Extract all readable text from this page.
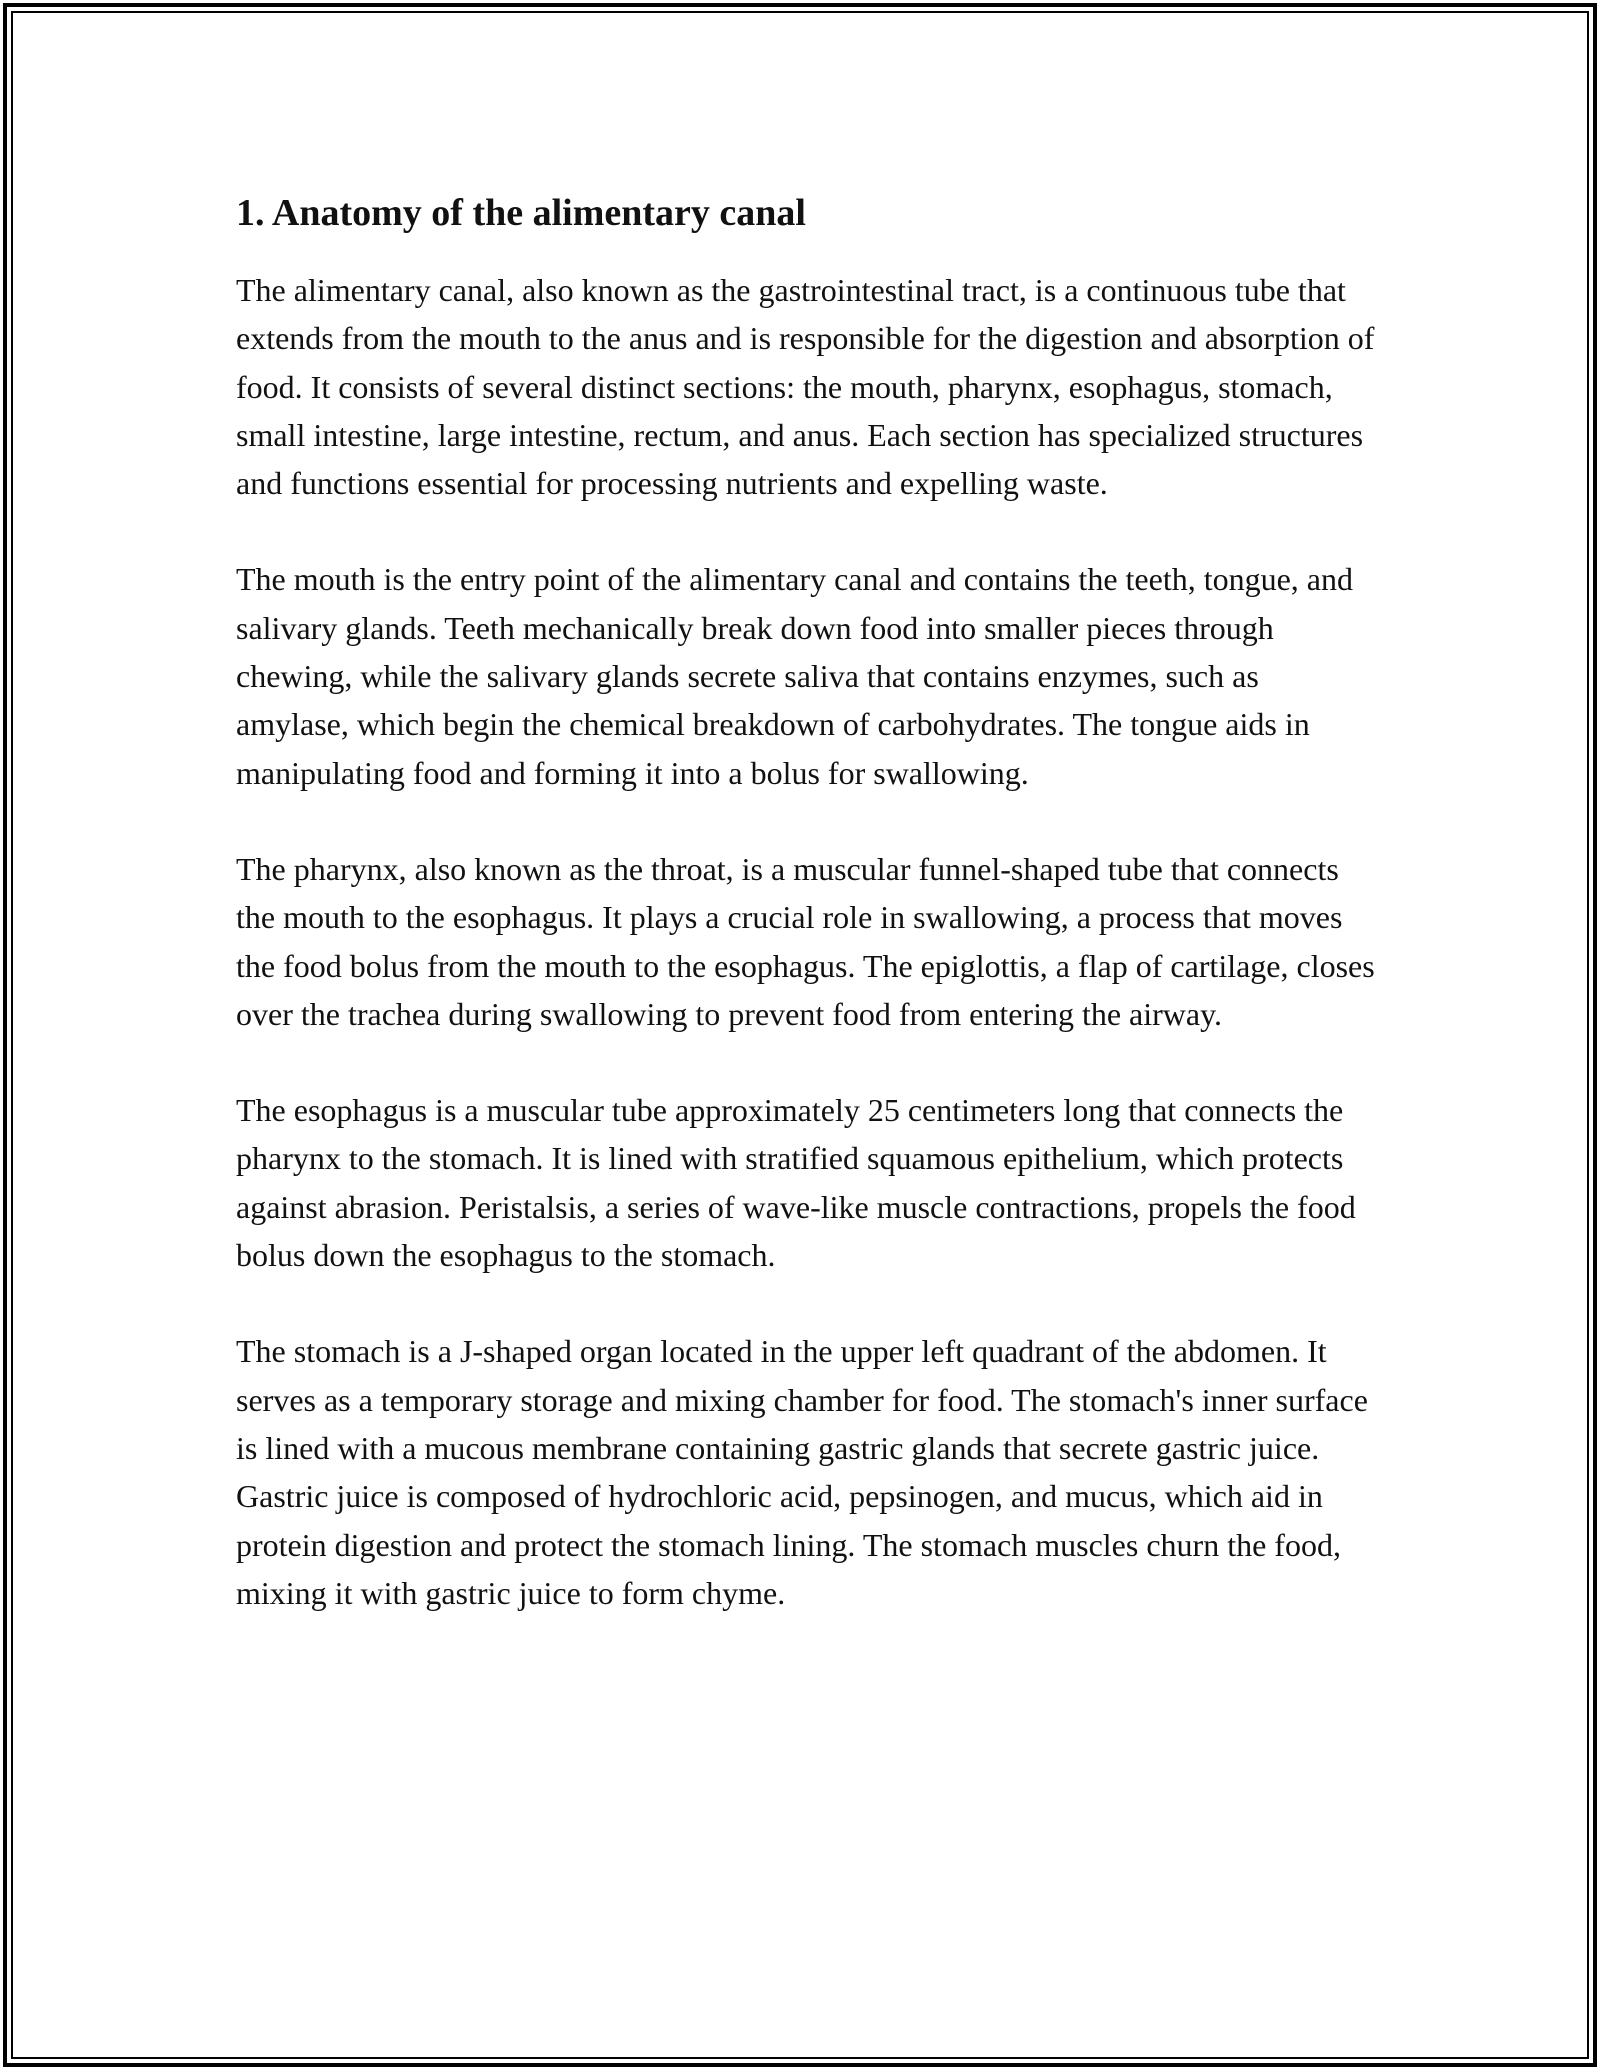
1. Anatomy of the alimentary canal

The alimentary canal, also known as the gastrointestinal tract, is a continuous tube that extends from the mouth to the anus and is responsible for the digestion and absorption of food. It consists of several distinct sections: the mouth, pharynx, esophagus, stomach, small intestine, large intestine, rectum, and anus. Each section has specialized structures and functions essential for processing nutrients and expelling waste.

The mouth is the entry point of the alimentary canal and contains the teeth, tongue, and salivary glands. Teeth mechanically break down food into smaller pieces through chewing, while the salivary glands secrete saliva that contains enzymes, such as amylase, which begin the chemical breakdown of carbohydrates. The tongue aids in manipulating food and forming it into a bolus for swallowing.

The pharynx, also known as the throat, is a muscular funnel-shaped tube that connects the mouth to the esophagus. It plays a crucial role in swallowing, a process that moves the food bolus from the mouth to the esophagus. The epiglottis, a flap of cartilage, closes over the trachea during swallowing to prevent food from entering the airway.

The esophagus is a muscular tube approximately 25 centimeters long that connects the pharynx to the stomach. It is lined with stratified squamous epithelium, which protects against abrasion. Peristalsis, a series of wave-like muscle contractions, propels the food bolus down the esophagus to the stomach.

The stomach is a J-shaped organ located in the upper left quadrant of the abdomen. It serves as a temporary storage and mixing chamber for food. The stomach's inner surface is lined with a mucous membrane containing gastric glands that secrete gastric juice. Gastric juice is composed of hydrochloric acid, pepsinogen, and mucus, which aid in protein digestion and protect the stomach lining. The stomach muscles churn the food, mixing it with gastric juice to form chyme.
